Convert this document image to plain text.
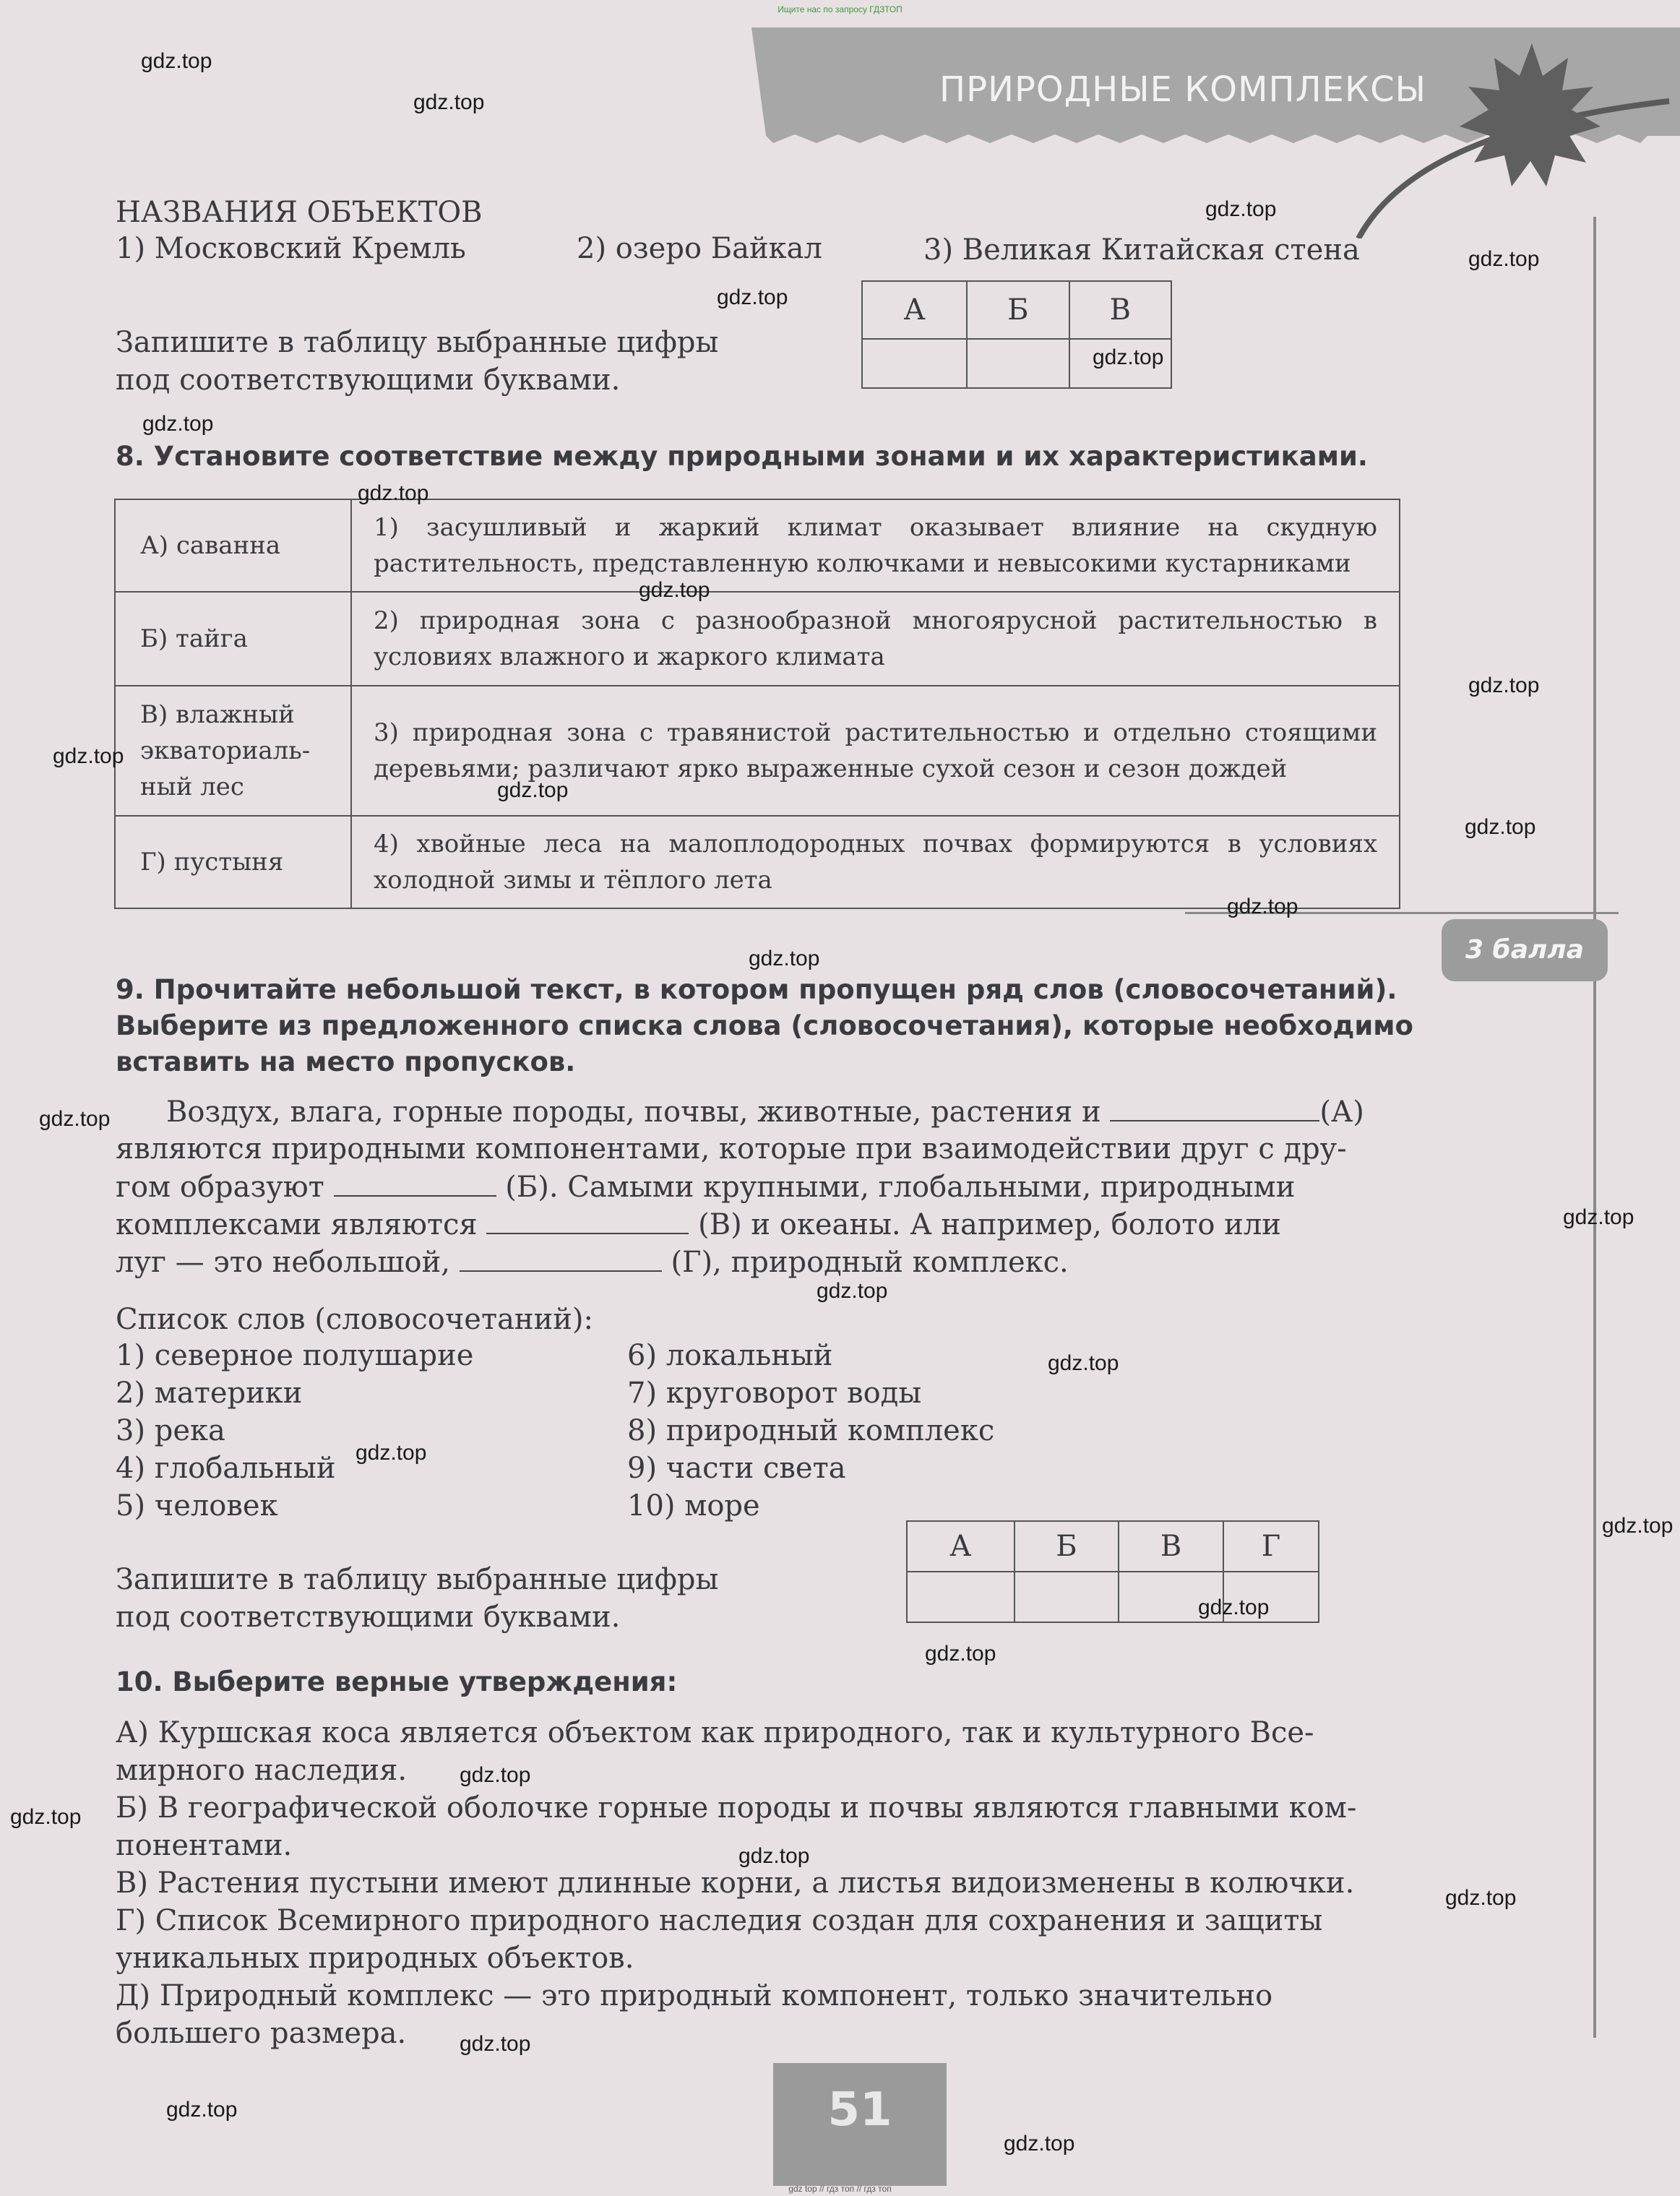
Ищите нас по запросу ГДЗТОП
ПРИРОДНЫЕ КОМПЛЕКСЫ
НАЗВАНИЯ ОБЪЕКТОВ
1) Московский Кремль	2) озеро Байкал	3) Великая Китайская стена
Запишите в таблицу выбранные цифры
под соответствующими буквами.
А	Б	В

8. Установите соответствие между природными зонами и их характеристиками.
А) саванна	1) засушливый и жаркий климат оказывает влияние на скудную растительность, представленную колючками и невысокими кустарниками
Б) тайга	2) природная зона с разнообразной многоярусной растительностью в условиях влажного и жаркого климата
В) влажный экваториаль-ный лес	3) природная зона с травянистой растительностью и отдельно стоящими деревьями; различают ярко выраженные сухой сезон и сезон дождей
Г) пустыня	4) хвойные леса на малоплодородных почвах формируются в условиях холодной зимы и тёплого лета
3 балла
9. Прочитайте небольшой текст, в котором пропущен ряд слов (словосочетаний).
Выберите из предложенного списка слова (словосочетания), которые необходимо
вставить на место пропусков.
Воздух, влага, горные породы, почвы, животные, растения и	(А)
являются природными компонентами, которые при взаимодействии друг с дру-
гом образуют	(Б). Самыми крупными, глобальными, природными
комплексами являются	(В) и океаны. А например, болото или
луг — это небольшой,	(Г), природный комплекс.
Список слов (словосочетаний):
1) северное полушарие
2) материки
3) река
4) глобальный
5) человек
6) локальный
7) круговорот воды
8) природный комплекс
9) части света
10) море
Запишите в таблицу выбранные цифры
под соответствующими буквами.
А	Б	В	Г

10. Выберите верные утверждения:
А) Куршская коса является объектом как природного, так и культурного Все-
мирного наследия.
Б) В географической оболочке горные породы и почвы являются главными ком-
понентами.
В) Растения пустыни имеют длинные корни, а листья видоизменены в колючки.
Г) Список Всемирного природного наследия создан для сохранения и защиты
уникальных природных объектов.
Д) Природный комплекс — это природный компонент, только значительно
большего размера.
51
gdz top // гдз топ // гдз топ
gdz.top
gdz.top
gdz.top
gdz.top
gdz.top
gdz.top
gdz.top
gdz.top
gdz.top
gdz.top
gdz.top
gdz.top
gdz.top
gdz.top
gdz.top
gdz.top
gdz.top
gdz.top
gdz.top
gdz.top
gdz.top
gdz.top
gdz.top
gdz.top
gdz.top
gdz.top
gdz.top
gdz.top
gdz.top
gdz.top
